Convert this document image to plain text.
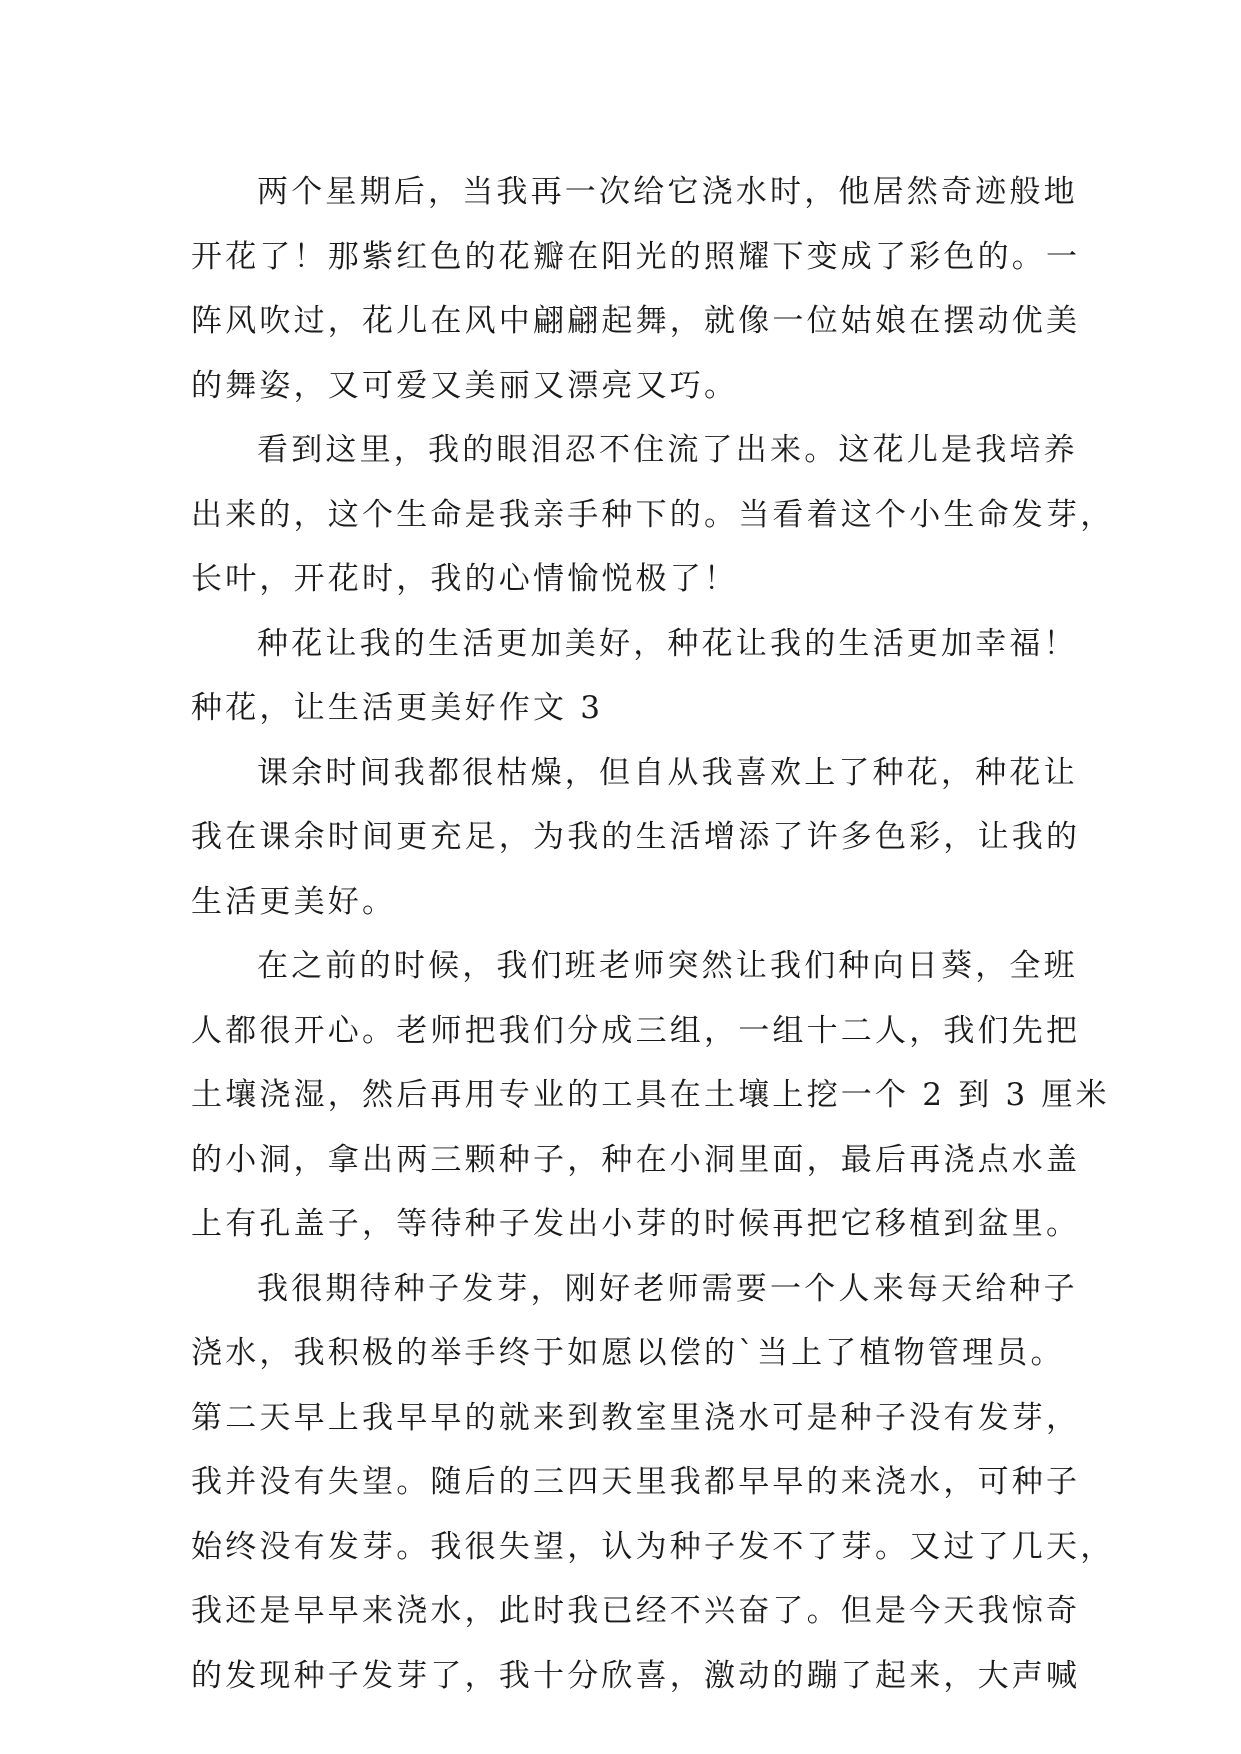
两个星期后，当我再一次给它浇水时，他居然奇迹般地
开花了！那紫红色的花瓣在阳光的照耀下变成了彩色的。一
阵风吹过，花儿在风中翩翩起舞，就像一位姑娘在摆动优美
的舞姿，又可爱又美丽又漂亮又巧。
看到这里，我的眼泪忍不住流了出来。这花儿是我培养
出来的，这个生命是我亲手种下的。当看着这个小生命发芽，
长叶，开花时，我的心情愉悦极了！
种花让我的生活更加美好，种花让我的生活更加幸福！
种花，让生活更美好作文 3
课余时间我都很枯燥，但自从我喜欢上了种花，种花让
我在课余时间更充足，为我的生活增添了许多色彩，让我的
生活更美好。
在之前的时候，我们班老师突然让我们种向日葵，全班
人都很开心。老师把我们分成三组，一组十二人，我们先把
土壤浇湿，然后再用专业的工具在土壤上挖一个 2 到 3 厘米
的小洞，拿出两三颗种子，种在小洞里面，最后再浇点水盖
上有孔盖子，等待种子发出小芽的时候再把它移植到盆里。
我很期待种子发芽，刚好老师需要一个人来每天给种子
浇水，我积极的举手终于如愿以偿的`当上了植物管理员。
第二天早上我早早的就来到教室里浇水可是种子没有发芽，
我并没有失望。随后的三四天里我都早早的来浇水，可种子
始终没有发芽。我很失望，认为种子发不了芽。又过了几天，
我还是早早来浇水，此时我已经不兴奋了。但是今天我惊奇
的发现种子发芽了，我十分欣喜，激动的蹦了起来，大声喊
